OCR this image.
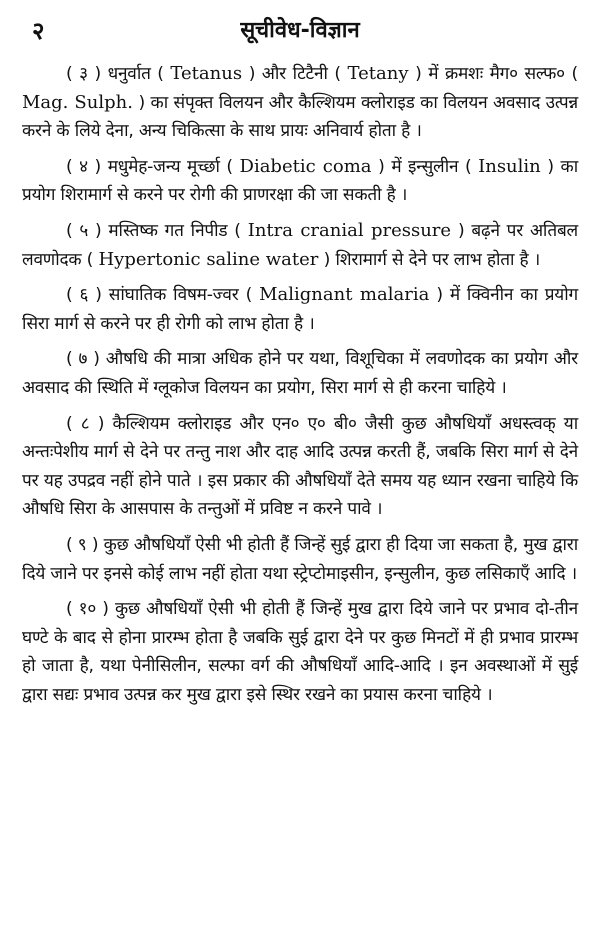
२	सूचीवेध-विज्ञान

( ३ ) धनुर्वात ( Tetanus ) और टिटैनी ( Tetany ) में क्रमशः मैग० सल्फ० ( Mag. Sulph. ) का संपृक्त विलयन और कैल्शियम क्लोराइड का विलयन अवसाद उत्पन्न करने के लिये देना, अन्य चिकित्सा के साथ प्रायः अनिवार्य होता है ।

( ४ ) मधुमेह-जन्य मूर्च्छा ( Diabetic coma ) में इन्सुलीन ( Insulin ) का प्रयोग शिरामार्ग से करने पर रोगी की प्राणरक्षा की जा सकती है ।

( ५ ) मस्तिष्क गत निपीड ( Intra cranial pressure ) बढ़ने पर अतिबल लवणोदक ( Hypertonic saline water ) शिरामार्ग से देने पर लाभ होता है ।

( ६ ) सांघातिक विषम-ज्वर ( Malignant malaria ) में क्विनीन का प्रयोग सिरा मार्ग से करने पर ही रोगी को लाभ होता है ।

( ७ ) औषधि की मात्रा अधिक होने पर यथा, विशूचिका में लवणोदक का प्रयोग और अवसाद की स्थिति में ग्लूकोज विलयन का प्रयोग, सिरा मार्ग से ही करना चाहिये ।

( ८ ) कैल्शियम क्लोराइड और एन० ए० बी० जैसी कुछ औषधियाँ अधस्त्वक् या अन्तःपेशीय मार्ग से देने पर तन्तु नाश और दाह आदि उत्पन्न करती हैं, जबकि सिरा मार्ग से देने पर यह उपद्रव नहीं होने पाते । इस प्रकार की औषधियाँ देते समय यह ध्यान रखना चाहिये कि औषधि सिरा के आसपास के तन्तुओं में प्रविष्ट न करने पावे ।

( ९ ) कुछ औषधियाँ ऐसी भी होती हैं जिन्हें सुई द्वारा ही दिया जा सकता है, मुख द्वारा दिये जाने पर इनसे कोई लाभ नहीं होता यथा स्ट्रेप्टोमाइसीन, इन्सुलीन, कुछ लसिकाएँ आदि ।

( १० ) कुछ औषधियाँ ऐसी भी होती हैं जिन्हें मुख द्वारा दिये जाने पर प्रभाव दो-तीन घण्टे के बाद से होना प्रारम्भ होता है जबकि सुई द्वारा देने पर कुछ मिनटों में ही प्रभाव प्रारम्भ हो जाता है, यथा पेनीसिलीन, सल्फा वर्ग की औषधियाँ आदि-आदि । इन अवस्थाओं में सुई द्वारा सद्यः प्रभाव उत्पन्न कर मुख द्वारा इसे स्थिर रखने का प्रयास करना चाहिये ।
